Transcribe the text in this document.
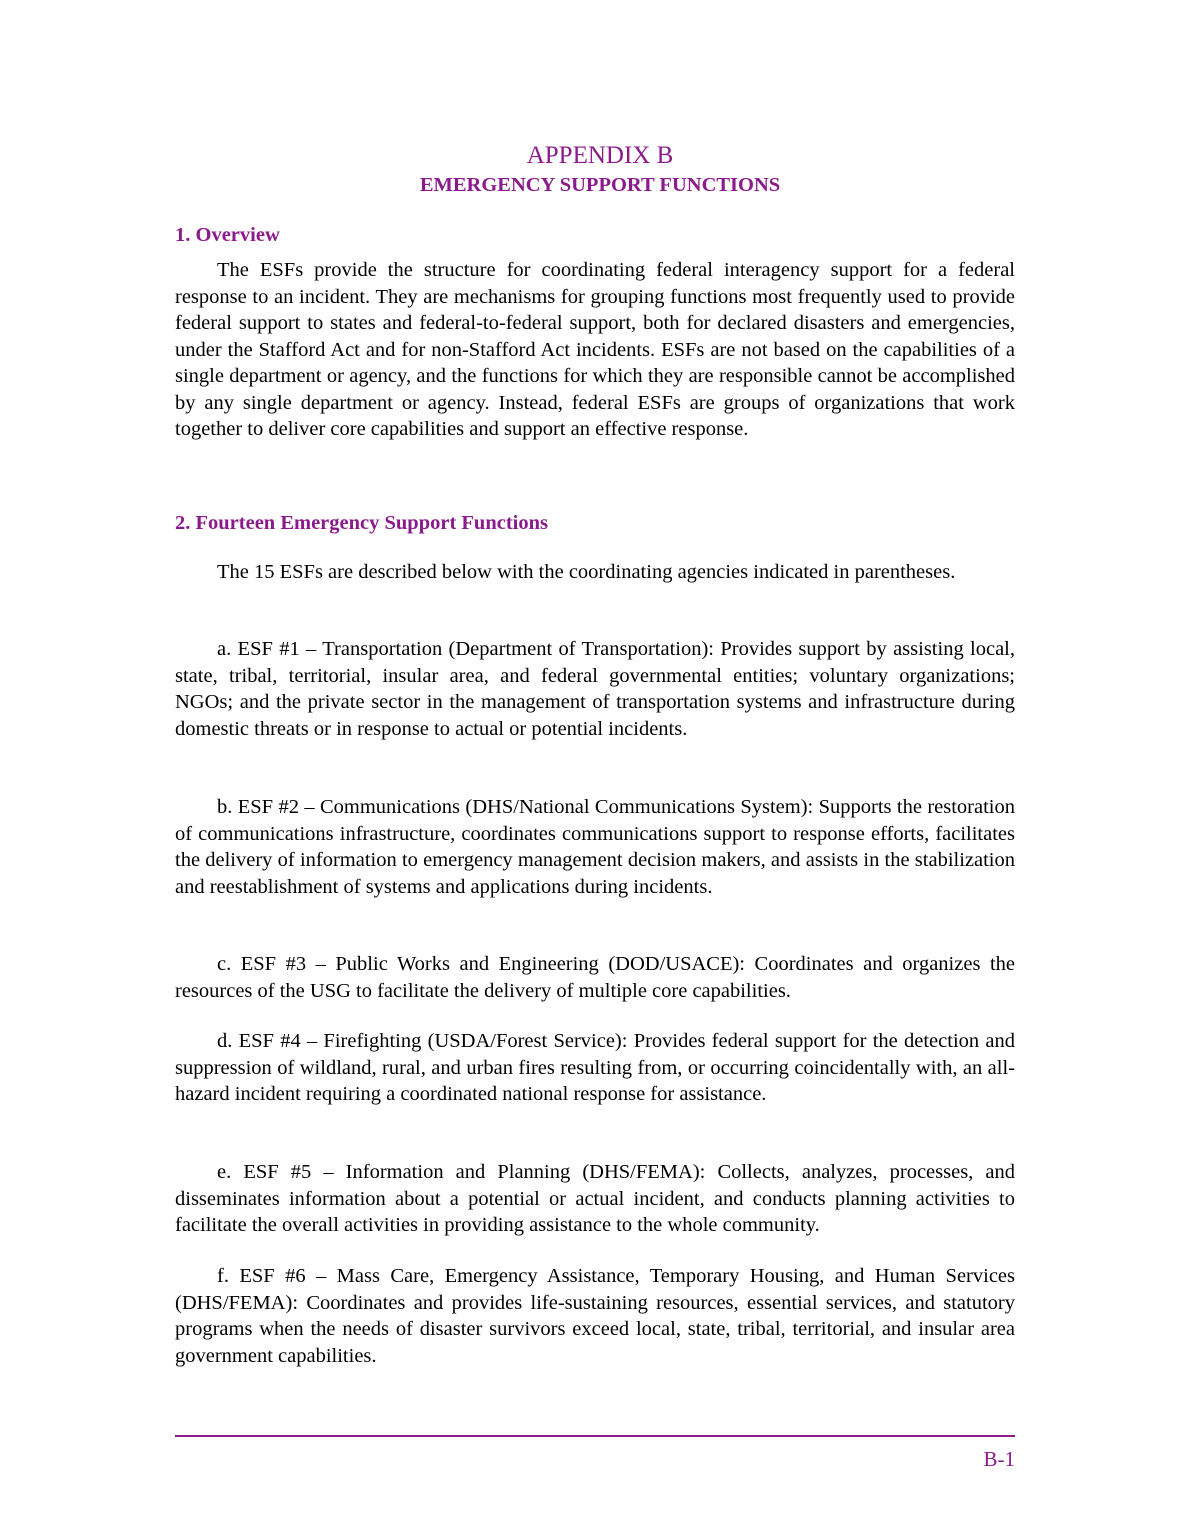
APPENDIX B
EMERGENCY SUPPORT FUNCTIONS
1. Overview

The ESFs provide the structure for coordinating federal interagency support for a federal response to an incident. They are mechanisms for grouping functions most frequently used to provide federal support to states and federal-to-federal support, both for declared disasters and emergencies, under the Stafford Act and for non-Stafford Act incidents. ESFs are not based on the capabilities of a single department or agency, and the functions for which they are responsible cannot be accomplished by any single department or agency. Instead, federal ESFs are groups of organizations that work together to deliver core capabilities and support an effective response.

2. Fourteen Emergency Support Functions

The 15 ESFs are described below with the coordinating agencies indicated in parentheses.

a. ESF #1 – Transportation (Department of Transportation): Provides support by assisting local, state, tribal, territorial, insular area, and federal governmental entities; voluntary organizations; NGOs; and the private sector in the management of transportation systems and infrastructure during domestic threats or in response to actual or potential incidents.

b. ESF #2 – Communications (DHS/National Communications System): Supports the restoration of communications infrastructure, coordinates communications support to response efforts, facilitates the delivery of information to emergency management decision makers, and assists in the stabilization and reestablishment of systems and applications during incidents.

c. ESF #3 – Public Works and Engineering (DOD/USACE): Coordinates and organizes the resources of the USG to facilitate the delivery of multiple core capabilities.

d. ESF #4 – Firefighting (USDA/Forest Service): Provides federal support for the detection and suppression of wildland, rural, and urban fires resulting from, or occurring coincidentally with, an all-hazard incident requiring a coordinated national response for assistance.

e. ESF #5 – Information and Planning (DHS/FEMA): Collects, analyzes, processes, and disseminates information about a potential or actual incident, and conducts planning activities to facilitate the overall activities in providing assistance to the whole community.

f. ESF #6 – Mass Care, Emergency Assistance, Temporary Housing, and Human Services (DHS/FEMA): Coordinates and provides life-sustaining resources, essential services, and statutory programs when the needs of disaster survivors exceed local, state, tribal, territorial, and insular area government capabilities.

B-1
